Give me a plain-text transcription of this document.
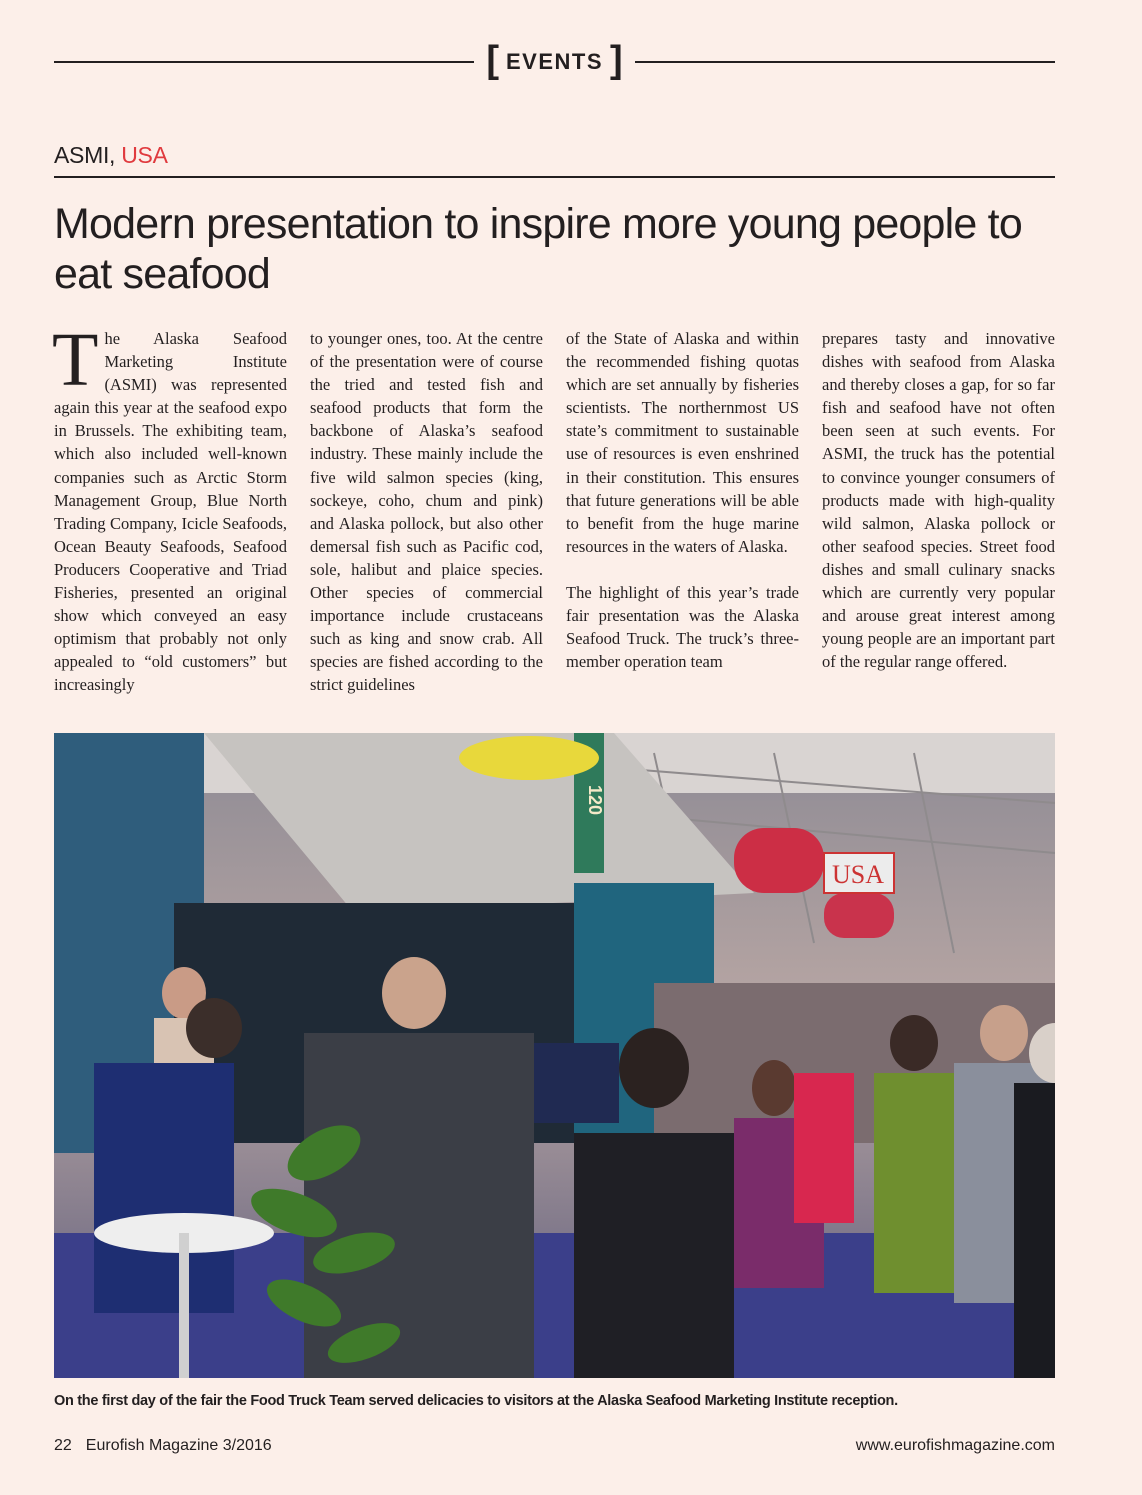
[ EVENTS ]
ASMI, USA
Modern presentation to inspire more young people to eat seafood

The Alaska Seafood Marketing Institute (ASMI) was represented again this year at the seafood expo in Brussels. The exhibiting team, which also included well-known companies such as Arctic Storm Management Group, Blue North Trading Company, Icicle Seafoods, Ocean Beauty Seafoods, Seafood Producers Cooperative and Triad Fisheries, presented an original show which conveyed an easy optimism that probably not only appealed to “old customers” but increasingly

to younger ones, too. At the centre of the presentation were of course the tried and tested fish and seafood products that form the backbone of Alaska’s seafood industry. These mainly include the five wild salmon species (king, sockeye, coho, chum and pink) and Alaska pollock, but also other demersal fish such as Pacific cod, sole, halibut and plaice species. Other species of commercial importance include crustaceans such as king and snow crab. All species are fished according to the strict guidelines

of the State of Alaska and within the recommended fishing quotas which are set annually by fisheries scientists. The northernmost US state’s commitment to sustainable use of resources is even enshrined in their constitution. This ensures that future generations will be able to benefit from the huge marine resources in the waters of Alaska.

The highlight of this year’s trade fair presentation was the Alaska Seafood Truck. The truck’s three-member operation team

prepares tasty and innovative dishes with seafood from Alaska and thereby closes a gap, for so far fish and seafood have not often been seen at such events. For ASMI, the truck has the potential to convince younger consumers of products made with high-quality wild salmon, Alaska pollock or other seafood species. Street food dishes and small culinary snacks which are currently very popular and arouse great interest among young people are an important part of the regular range offered.

120
USA
On the first day of the fair the Food Truck Team served delicacies to visitors at the Alaska Seafood Marketing Institute reception.
22 Eurofish Magazine 3/2016	www.eurofishmagazine.com
